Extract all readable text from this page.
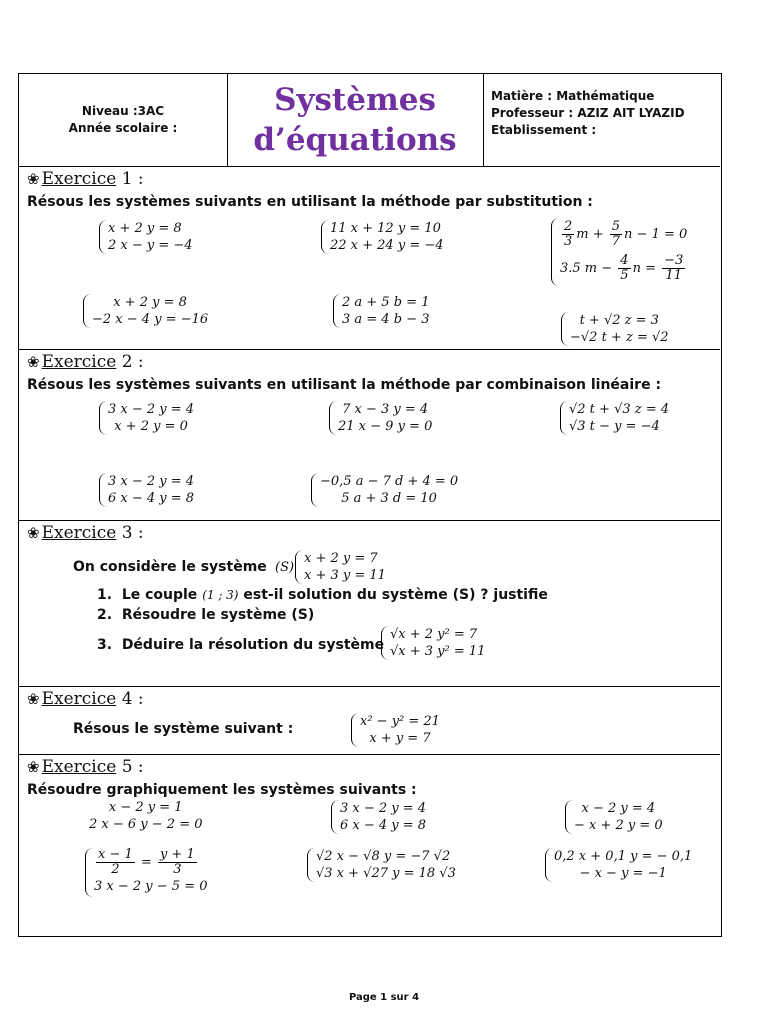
Niveau :3AC
Année scolaire :
Systèmes
d’équations
Matière : Mathématique
Professeur : AZIZ AIT LYAZID
Etablissement :
❀ Exercice 1 :
Résous les systèmes suivants en utilisant la méthode par substitution :
x + 2 y = 8
2 x − y = −4
11 x + 12 y = 10
22 x + 24 y = −4	$\frac{2}{3}$ $m + \frac{5}{7}$ n − 1 = 0
3.5 $m - \frac{4}{5}$ $n = \frac{-3}{11}$
x + 2 y = 8
−2 x − 4 y = −16
2 a + 5 b = 1
3 a = 4 b − 3	t + √2 z = 3
−√2 t + z = √2
❀ Exercice 2 :
Résous les systèmes suivants en utilisant la méthode par combinaison linéaire :
3 x − 2 y = 4
x + 2 y = 0
7 x − 3 y = 4
21 x − 9 y = 0
√2 t + √3 z = 4
√3 t − y = −4
3 x − 2 y = 4
6 x − 4 y = 8
−0,5 a − 7 d + 4 = 0
5 a + 3 d = 10
❀ Exercice 3 :
On considère le système (S)
x + 2 y = 7
x + 3 y = 11
1. Le couple (1 ; 3) est-il solution du système (S) ? justifie
2. Résoudre le système (S)
3. Déduire la résolution du système
√x + 2 y² = 7
√x + 3 y² = 11
❀ Exercice 4 :
Résous le système suivant :	x² − y² = 21
x + y = 7
❀ Exercice 5 :
Résoudre graphiquement les systèmes suivants :
x − 2 y = 1
2 x − 6 y − 2 = 0
3 x − 2 y = 4
6 x − 4 y = 8
x − 2 y = 4
− x + 2 y = 0
$\frac{x - 1}{2} = \frac{y + 1}{3}$
3 x − 2 y − 5 = 0
√2 x − √8 y = −7 √2
√3 x + √27 y = 18 √3
0,2 x + 0,1 y = − 0,1
− x − y = −1
Page 1 sur 4
